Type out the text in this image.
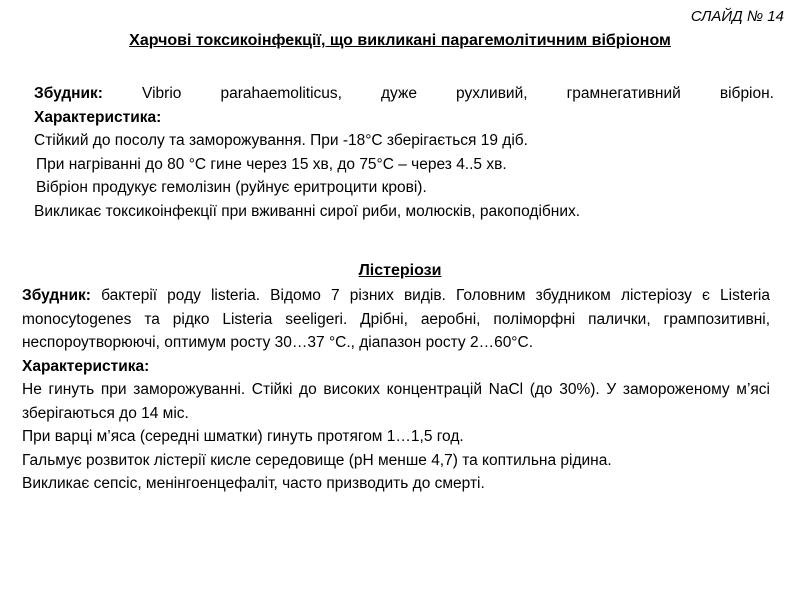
СЛАЙД № 14
Харчові токсикоінфекції, що викликані парагемолітичним вібріоном

Збудник: Vibrio parahaemoliticus, дуже рухливий, грамнегативний вібріон.

Характеристика:

Стійкий до посолу та заморожування. При -18°С зберігається 19 діб.

При нагріванні до 80 °С гине через 15 хв, до 75°С – через 4..5 хв.

Вібріон продукує гемолізин (руйнує еритроцити крові).

Викликає токсикоінфекції при вживанні сирої риби, молюсків, ракоподібних.

Лістеріози

Збудник: бактерії роду listeria. Відомо 7 різних видів. Головним збудником лістеріозу є Listeria monocytogenes та рідко Listeria seeligeri. Дрібні, аеробні, поліморфні палички, грампозитивні, неспороутворюючі, оптимум росту 30…37 °С., діапазон росту 2…60°С.

Характеристика:

Не гинуть при заморожуванні. Стійкі до високих концентрацій NaCl (до 30%). У замороженому м’ясі зберігаються до 14 міс.

При варці м’яса (середні шматки) гинуть протягом 1…1,5 год.

Гальмує розвиток лістерії кисле середовище (рН менше 4,7) та коптильна рідина.

Викликає сепсіс, менінгоенцефаліт, часто призводить до смерті.
